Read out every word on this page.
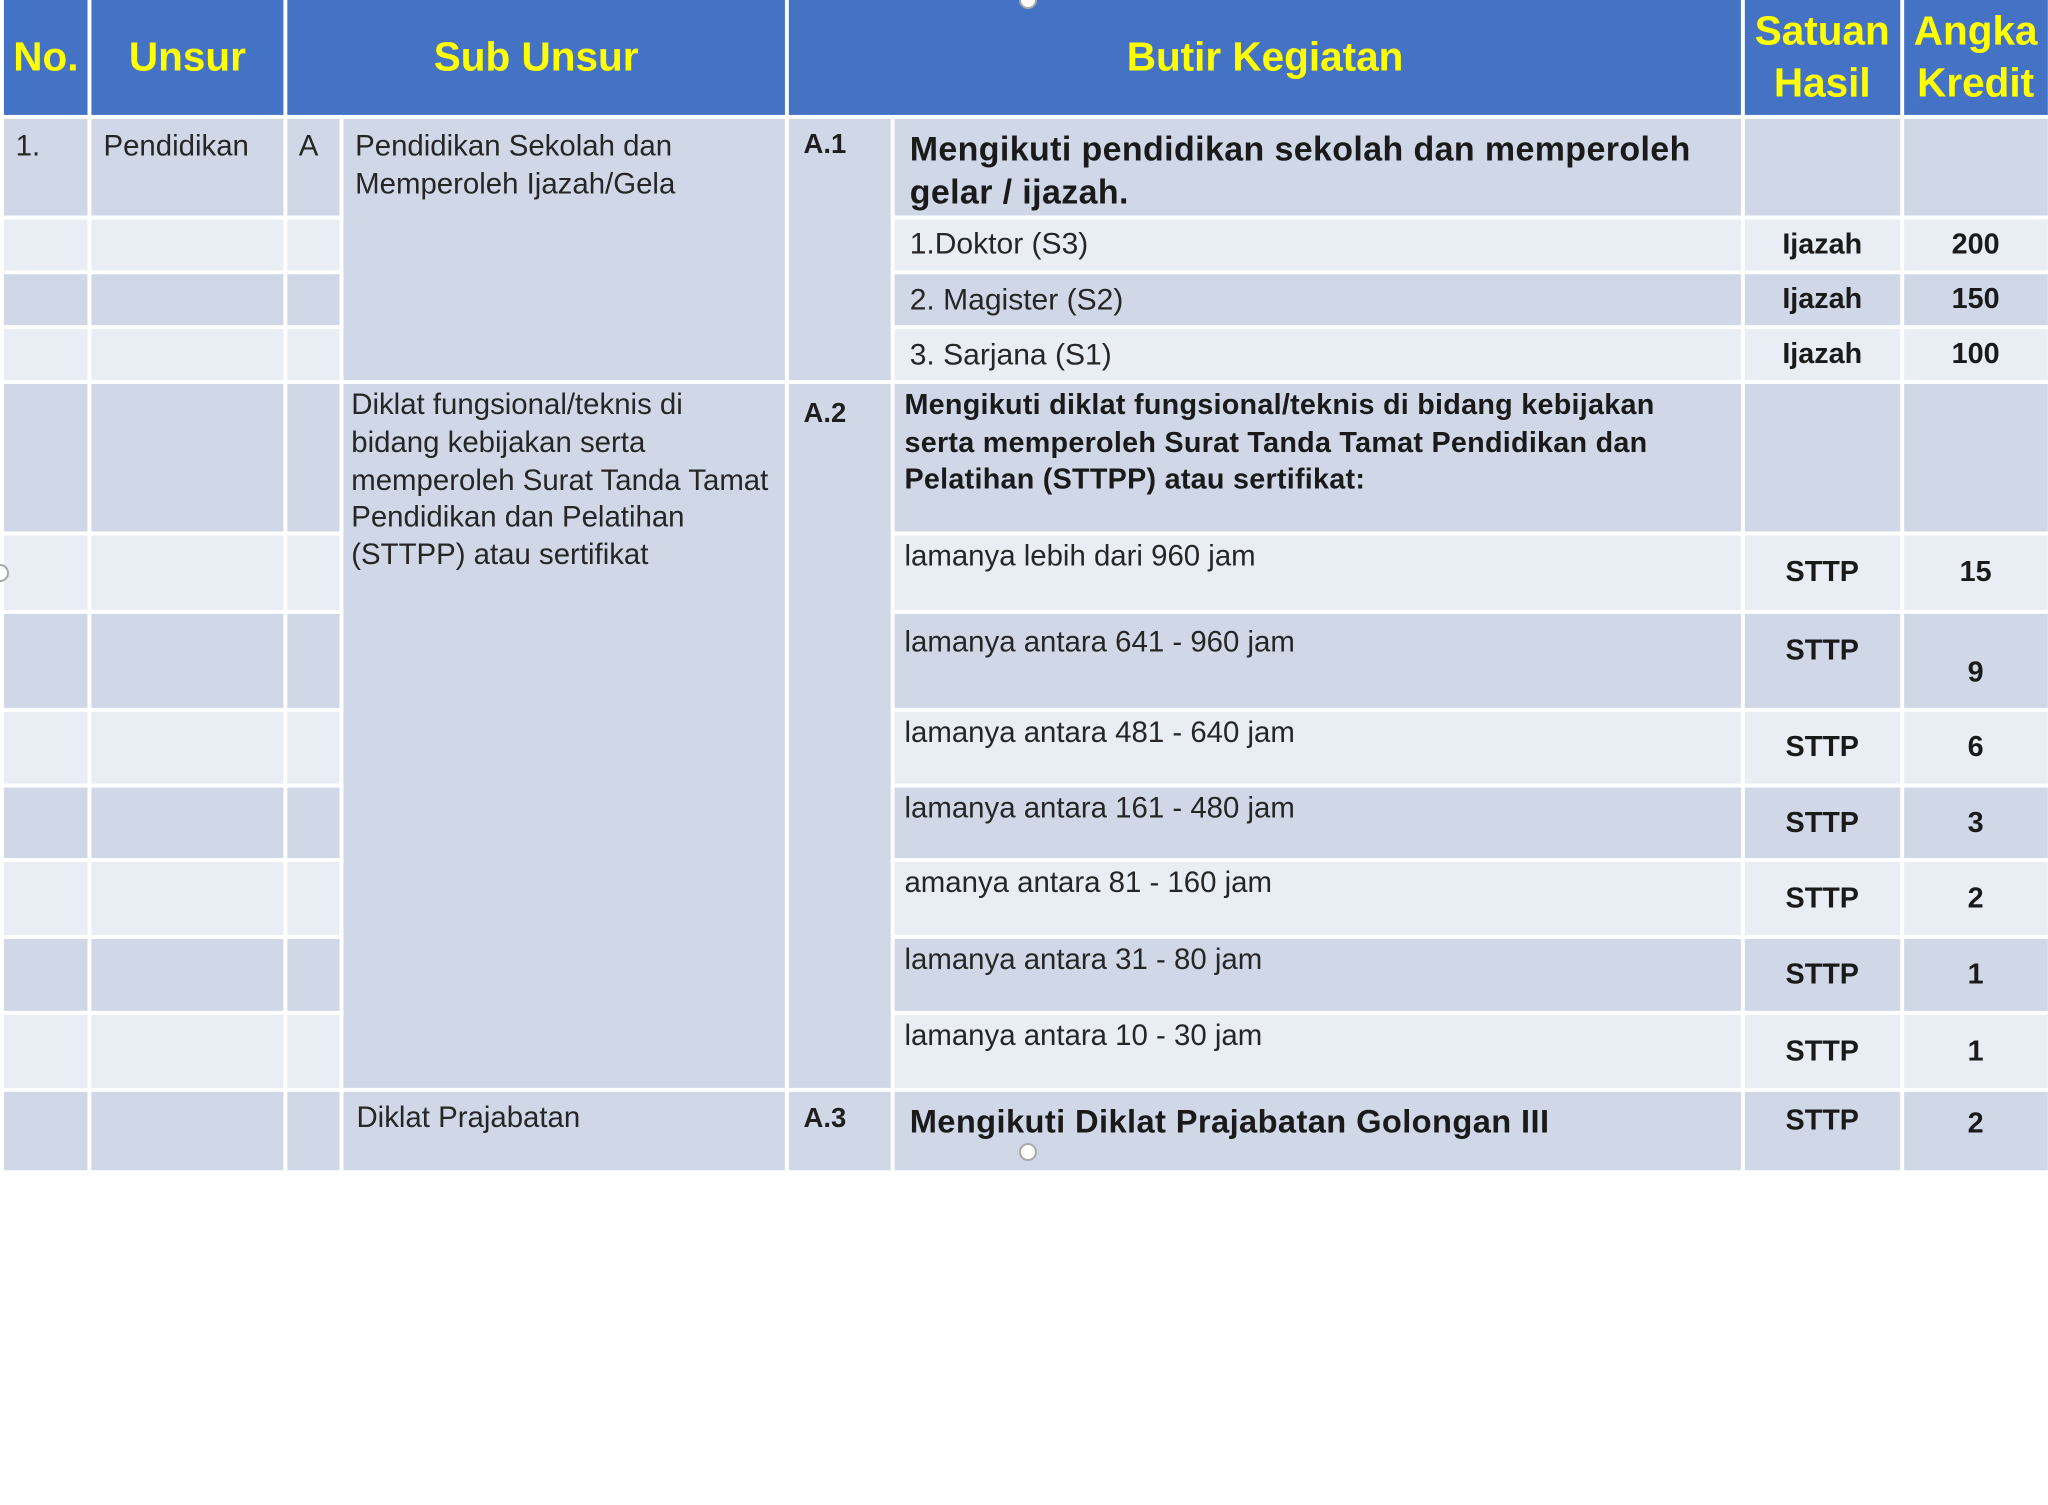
No.	Unsur	Sub Unsur		Butir Kegiatan		Satuan Hasil	Angka Kredit
1.	Pendidikan	A	Pendidikan Sekolah dan Memperoleh Ijazah/Gela	A.1	Mengikuti pendidikan sekolah dan memperoleh gelar / ijazah.		
					1.Doktor (S3)	Ijazah	200
					2. Magister (S2)	Ijazah	150
					3. Sarjana (S1)	Ijazah	100
			Diklat fungsional/teknis di bidang kebijakan serta memperoleh Surat Tanda Tamat Pendidikan dan Pelatihan (STTPP) atau sertifikat	A.2	Mengikuti diklat fungsional/teknis di bidang kebijakan serta memperoleh Surat Tanda Tamat Pendidikan dan Pelatihan (STTPP) atau sertifikat:		
					lamanya lebih dari 960 jam	STTP	15
					lamanya antara 641 - 960 jam	STTP	9
					lamanya antara 481 - 640 jam	STTP	6
					lamanya antara 161 - 480 jam	STTP	3
					amanya antara 81 - 160 jam	STTP	2
					lamanya antara 31 - 80 jam	STTP	1
					lamanya antara 10 - 30 jam	STTP	1
			Diklat Prajabatan	A.3	Mengikuti Diklat Prajabatan Golongan III	STTP	2
